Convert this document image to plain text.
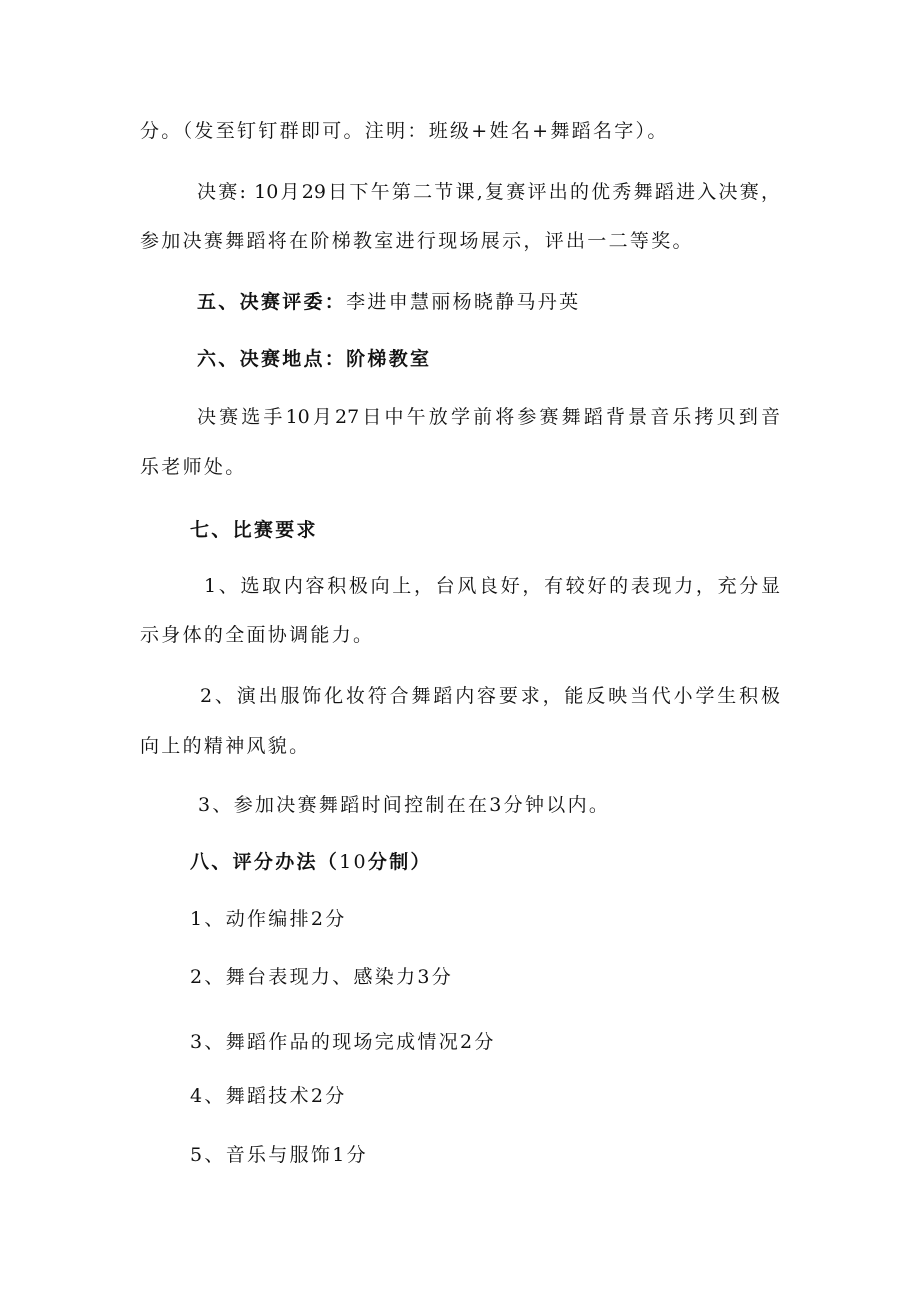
分。（发至钉钉群即可。注明：班级+姓名+舞蹈名字）。
决赛: 10月29日下午第二节课,复赛评出的优秀舞蹈进入决赛，
参加决赛舞蹈将在阶梯教室进行现场展示，评出一二等奖。
五、决赛评委：李进申慧丽杨晓静马丹英
六、决赛地点：阶梯教室
决赛选手10月27日中午放学前将参赛舞蹈背景音乐拷贝到音
乐老师处。
七、比赛要求
1、选取内容积极向上，台风良好，有较好的表现力，充分显
示身体的全面协调能力。
2、演出服饰化妆符合舞蹈内容要求，能反映当代小学生积极
向上的精神风貌。
3、参加决赛舞蹈时间控制在在3分钟以内。
八、评分办法（10分制）
1、动作编排2分
2、舞台表现力、感染力3分
3、舞蹈作品的现场完成情况2分
4、舞蹈技术2分
5、音乐与服饰1分
